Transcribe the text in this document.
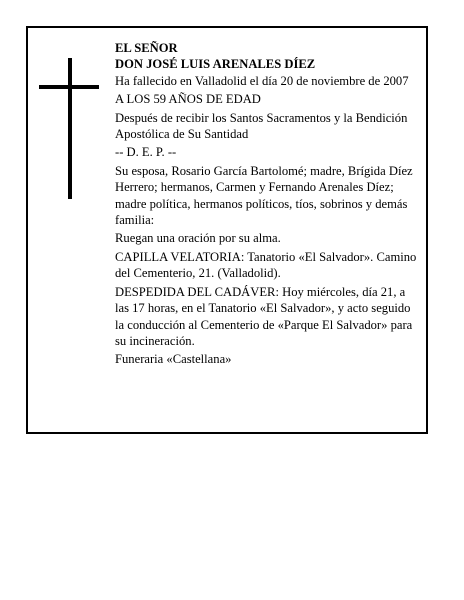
EL SEÑOR

DON JOSÉ LUIS ARENALES DÍEZ

Ha fallecido en Valladolid el día 20 de noviembre de 2007

A LOS 59 AÑOS DE EDAD

Después de recibir los Santos Sacramentos y la Bendición Apostólica de Su Santidad

-- D. E. P. --

Su esposa, Rosario García Bartolomé; madre, Brígida Díez Herrero; hermanos, Carmen y Fernando Arenales Díez; madre política, hermanos políticos, tíos, sobrinos y demás familia:

Ruegan una oración por su alma.

CAPILLA VELATORIA: Tanatorio «El Salvador». Camino del Cementerio, 21. (Valladolid).

DESPEDIDA DEL CADÁVER: Hoy miércoles, día 21, a las 17 horas, en el Tanatorio «El Salvador», y acto seguido la conducción al Cementerio de «Parque El Salvador» para su incineración.

Funeraria «Castellana»
